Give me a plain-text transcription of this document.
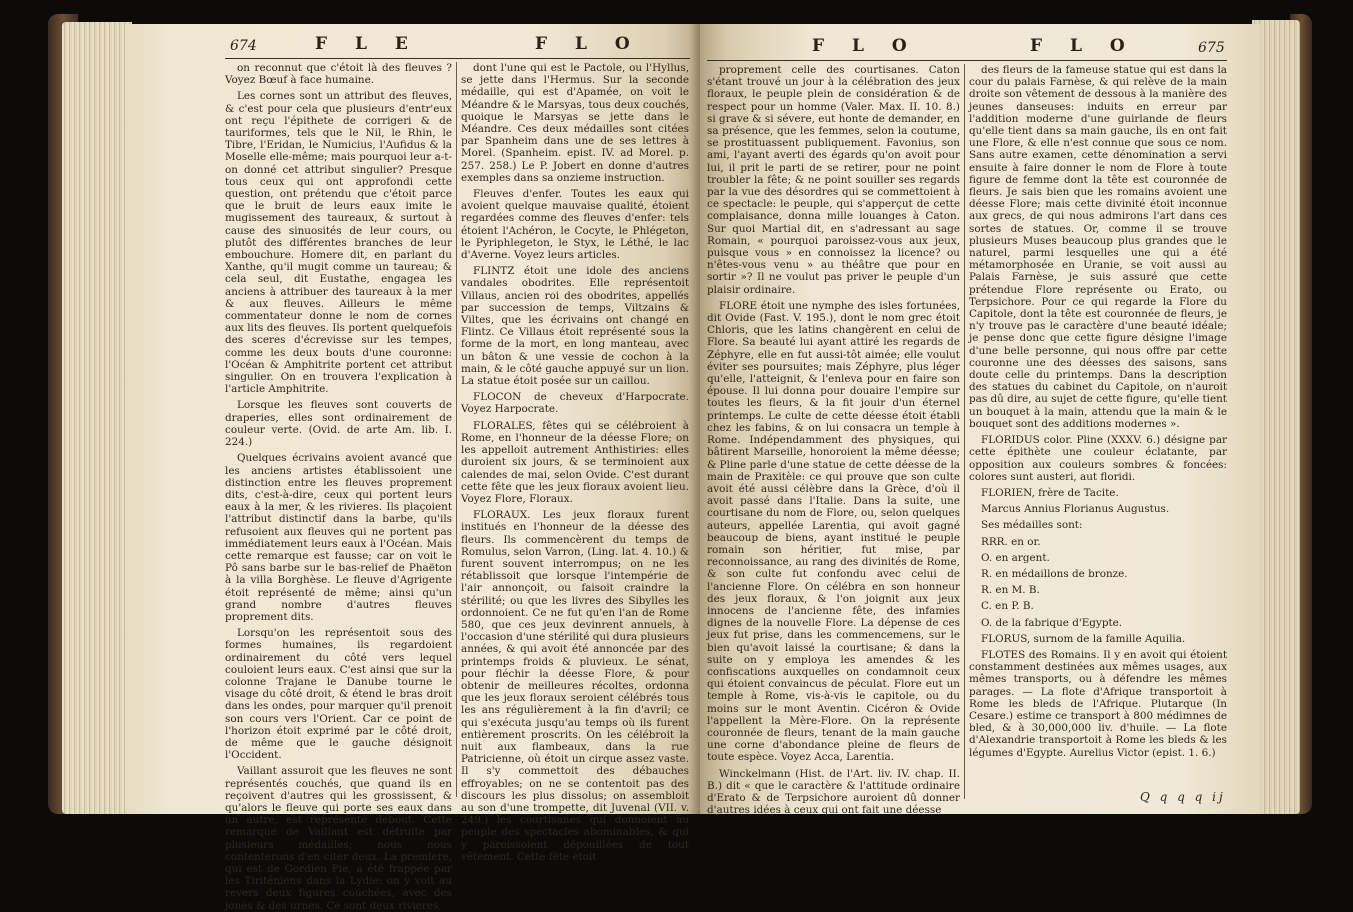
674	F L E	F L O

on reconnut que c'étoit là des fleuves ? Voyez Bœuf à face humaine.

Les cornes sont un attribut des fleuves, & c'est pour cela que plusieurs d'entr'eux ont reçu l'épithete de corrigeri & de tauriformes, tels que le Nil, le Rhin, le Tibre, l'Eridan, le Numicius, l'Aufidus & la Moselle elle-même; mais pourquoi leur a-t-on donné cet attribut singulier? Presque tous ceux qui ont approfondi cette question, ont prétendu que c'étoit parce que le bruit de leurs eaux imite le mugissement des taureaux, & surtout à cause des sinuosités de leur cours, ou plutôt des différentes branches de leur embouchure. Homere dit, en parlant du Xanthe, qu'il mugit comme un taureau; & cela seul, dit Eustathe, engagea les anciens à attribuer des taureaux à la mer & aux fleuves. Ailleurs le même commentateur donne le nom de cornes aux lits des fleuves. Ils portent quelquefois des sceres d'écrevisse sur les tempes, comme les deux bouts d'une couronne: l'Océan & Amphitrite portent cet attribut singulier. On en trouvera l'explication à l'article Amphitrite.

Lorsque les fleuves sont couverts de draperies, elles sont ordinairement de couleur verte. (Ovid. de arte Am. lib. I. 224.)

Quelques écrivains avoient avancé que les anciens artistes établissoient une distinction entre les fleuves proprement dits, c'est-à-dire, ceux qui portent leurs eaux à la mer, & les rivieres. Ils plaçoient l'attribut distinctif dans la barbe, qu'ils refusoient aux fleuves qui ne portent pas immédiatement leurs eaux à l'Océan. Mais cette remarque est fausse; car on voit le Pô sans barbe sur le bas-relief de Phaëton à la villa Borghèse. Le fleuve d'Agrigente étoit représenté de même; ainsi qu'un grand nombre d'autres fleuves proprement dits.

Lorsqu'on les représentoit sous des formes humaines, ils regardoient ordinairement du côté vers lequel couloient leurs eaux. C'est ainsi que sur la colonne Trajane le Danube tourne le visage du côté droit, & étend le bras droit dans les ondes, pour marquer qu'il prenoit son cours vers l'Orient. Car ce point de l'horizon étoit exprimé par le côté droit, de même que le gauche désignoit l'Occident.

Vaillant assuroit que les fleuves ne sont représentés couchés, que quand ils en reçoivent d'autres qui les grossissent, & qu'alors le fleuve qui porte ses eaux dans un autre, est représenté debout. Cette remarque de Vaillant est détruite par plusieurs médailles; nous nous contenterons d'en citer deux. La premiere, qui est de Gordien Pie, a été frappée par les Tiriténiens dans la Lydie: on y voit au revers deux figures couchées, avec des jones & des urnes. Ce sont deux rivieres,

dont l'une qui est le Pactole, ou l'Hyllus, se jette dans l'Hermus. Sur la seconde médaille, qui est d'Apamée, on voit le Méandre & le Marsyas, tous deux couchés, quoique le Marsyas se jette dans le Méandre. Ces deux médailles sont citées par Spanheim dans une de ses lettres à Morel. (Spanheim. epist. IV. ad Morel. p. 257. 258.) Le P. Jobert en donne d'autres exemples dans sa onzieme instruction.

Fleuves d'enfer. Toutes les eaux qui avoient quelque mauvaise qualité, étoient regardées comme des fleuves d'enfer: tels étoient l'Achéron, le Cocyte, le Phlégeton, le Pyriphlegeton, le Styx, le Léthé, le lac d'Averne. Voyez leurs articles.

FLINTZ étoit une idole des anciens vandales obodrites. Elle représentoit Villaus, ancien roi des obodrites, appellés par succession de temps, Viltzains & Viltes, que les écrivains ont changé en Flintz. Ce Villaus étoit représenté sous la forme de la mort, en long manteau, avec un bâton & une vessie de cochon à la main, & le côté gauche appuyé sur un lion. La statue étoit posée sur un caillou.

FLOCON de cheveux d'Harpocrate. Voyez Harpocrate.

FLORALES, fêtes qui se célébroient à Rome, en l'honneur de la déesse Flore; on les appelloit autrement Anthistiries: elles duroient six jours, & se terminoient aux calendes de mai, selon Ovide. C'est durant cette fête que les jeux floraux avoient lieu. Voyez Flore, Floraux.

FLORAUX. Les jeux floraux furent institués en l'honneur de la déesse des fleurs. Ils commencèrent du temps de Romulus, selon Varron, (Ling. lat. 4. 10.) & furent souvent interrompus; on ne les rétablissoit que lorsque l'intempérie de l'air annonçoit, ou faisoit craindre la stérilité; ou que les livres des Sibylles les ordonnoient. Ce ne fut qu'en l'an de Rome 580, que ces jeux devinrent annuels, à l'occasion d'une stérilité qui dura plusieurs années, & qui avoit été annoncée par des printemps froids & pluvieux. Le sénat, pour fléchir la déesse Flore, & pour obtenir de meilleures récoltes, ordonna que les jeux floraux seroient célébrés tous les ans régulièrement à la fin d'avril; ce qui s'exécuta jusqu'au temps où ils furent entièrement proscrits. On les célébroit la nuit aux flambeaux, dans la rue Patricienne, où étoit un cirque assez vaste. Il s'y commettoit des débauches effroyables; on ne se contentoit pas des discours les plus dissolus; on assembloit au son d'une trompette, dit Juvenal (VII. v. 249.) les courtisanes qui donnoient au peuple des spectacles abominables, & qui y paroissoient dépouillées de tout vêtement. Cette fête étoit

F L O	F L O	675

proprement celle des courtisanes. Caton s'étant trouvé un jour à la célébration des jeux floraux, le peuple plein de considération & de respect pour un homme (Valer. Max. II. 10. 8.) si grave & si sévere, eut honte de demander, en sa présence, que les femmes, selon la coutume, se prostituassent publiquement. Favonius, son ami, l'ayant averti des égards qu'on avoit pour lui, il prit le parti de se retirer, pour ne point troubler la fête; & ne point souiller ses regards par la vue des désordres qui se commettoient à ce spectacle: le peuple, qui s'apperçut de cette complaisance, donna mille louanges à Caton. Sur quoi Martial dit, en s'adressant au sage Romain, « pourquoi paroissez-vous aux jeux, puisque vous » en connoissez la licence? ou n'êtes-vous venu » au théâtre que pour en sortir »? Il ne voulut pas priver le peuple d'un plaisir ordinaire.

FLORE étoit une nymphe des isles fortunées, dit Ovide (Fast. V. 195.), dont le nom grec étoit Chloris, que les latins changèrent en celui de Flore. Sa beauté lui ayant attiré les regards de Zéphyre, elle en fut aussi-tôt aimée; elle voulut éviter ses poursuites; mais Zéphyre, plus léger qu'elle, l'atteignit, & l'enleva pour en faire son épouse. Il lui donna pour douaire l'empire sur toutes les fleurs, & la fit jouir d'un éternel printemps. Le culte de cette déesse étoit établi chez les fabins, & on lui consacra un temple à Rome. Indépendamment des physiques, qui bâtirent Marseille, honoroient la même déesse; & Pline parle d'une statue de cette déesse de la main de Praxitèle: ce qui prouve que son culte avoit été aussi célèbre dans la Grèce, d'où il avoit passé dans l'Italie. Dans la suite, une courtisane du nom de Flore, ou, selon quelques auteurs, appellée Larentia, qui avoit gagné beaucoup de biens, ayant institué le peuple romain son héritier, fut mise, par reconnoissance, au rang des divinités de Rome, & son culte fut confondu avec celui de l'ancienne Flore. On célébra en son honneur des jeux floraux, & l'on joignit aux jeux innocens de l'ancienne fête, des infamies dignes de la nouvelle Flore. La dépense de ces jeux fut prise, dans les commencemens, sur le bien qu'avoit laissé la courtisane; & dans la suite on y employa les amendes & les confiscations auxquelles on condamnoit ceux qui étoient convaincus de péculat. Flore eut un temple à Rome, vis-à-vis le capitole, ou du moins sur le mont Aventin. Cicéron & Ovide l'appellent la Mère-Flore. On la représente couronnée de fleurs, tenant de la main gauche une corne d'abondance pleine de fleurs de toute espèce. Voyez Acca, Larentia.

Winckelmann (Hist. de l'Art. liv. IV. chap. II. B.) dit « que le caractère & l'attitude ordinaire d'Erato & de Terpsichore auroient dû donner d'autres idées à ceux qui ont fait une déesse

des fleurs de la fameuse statue qui est dans la cour du palais Farnèse, & qui relève de la main droite son vêtement de dessous à la manière des jeunes danseuses: induits en erreur par l'addition moderne d'une guirlande de fleurs qu'elle tient dans sa main gauche, ils en ont fait une Flore, & elle n'est connue que sous ce nom. Sans autre examen, cette dénomination a servi ensuite à faire donner le nom de Flore à toute figure de femme dont la tête est couronnée de fleurs. Je sais bien que les romains avoient une déesse Flore; mais cette divinité étoit inconnue aux grecs, de qui nous admirons l'art dans ces sortes de statues. Or, comme il se trouve plusieurs Muses beaucoup plus grandes que le naturel, parmi lesquelles une qui a été métamorphosée en Uranie, se voit aussi au Palais Farnèse, je suis assuré que cette prétendue Flore représente ou Erato, ou Terpsichore. Pour ce qui regarde la Flore du Capitole, dont la tête est couronnée de fleurs, je n'y trouve pas le caractère d'une beauté idéale; je pense donc que cette figure désigne l'image d'une belle personne, qui nous offre par cette couronne une des déesses des saisons, sans doute celle du printemps. Dans la description des statues du cabinet du Capitole, on n'auroit pas dû dire, au sujet de cette figure, qu'elle tient un bouquet à la main, attendu que la main & le bouquet sont des additions modernes ».

FLORIDUS color. Pline (XXXV. 6.) désigne par cette épithète une couleur éclatante, par opposition aux couleurs sombres & foncées: colores sunt austeri, aut floridi.

FLORIEN, frère de Tacite.

Marcus Annius Florianus Augustus.

Ses médailles sont:

RRR. en or.

O. en argent.

R. en médaillons de bronze.

R. en M. B.

C. en P. B.

O. de la fabrique d'Egypte.

FLORUS, surnom de la famille Aquilia.

FLOTES des Romains. Il y en avoit qui étoient constamment destinées aux mêmes usages, aux mêmes transports, ou à défendre les mêmes parages. — La flote d'Afrique transportoit à Rome les bleds de l'Afrique. Plutarque (In Cesare.) estime ce transport à 800 médimnes de bled, & à 30,000,000 liv. d'huile. — La flote d'Alexandrie transportoit à Rome les bleds & les légumes d'Egypte. Aurelius Victor (epist. 1. 6.)

Q q q q ij
